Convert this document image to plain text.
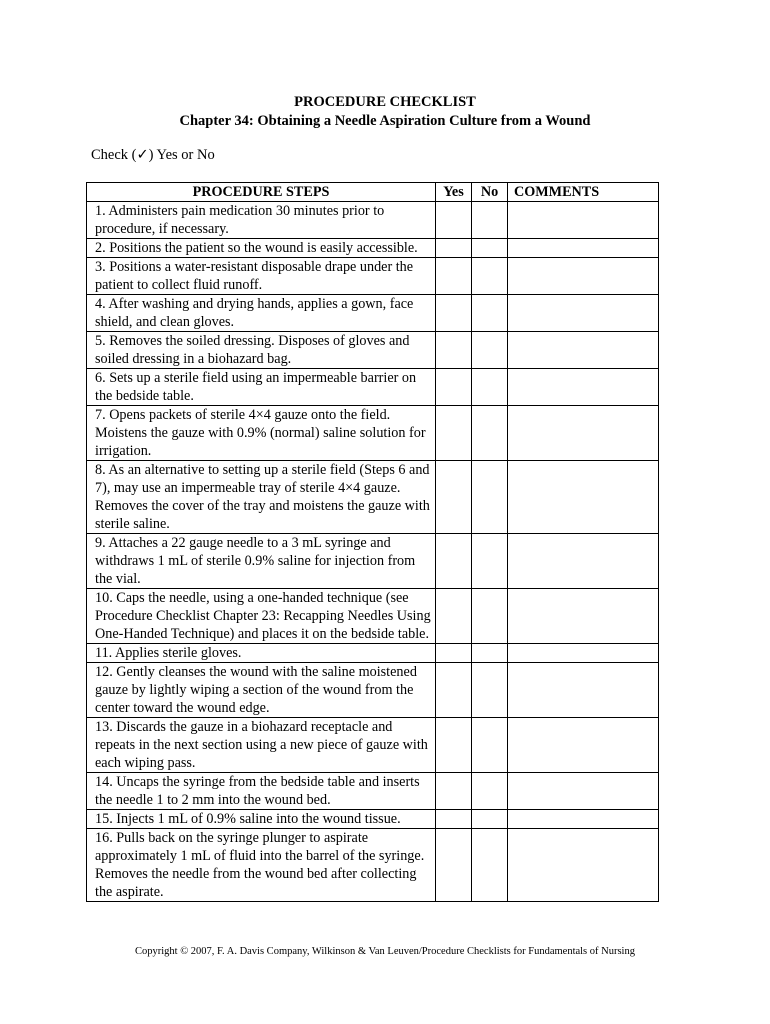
PROCEDURE CHECKLIST
Chapter 34: Obtaining a Needle Aspiration Culture from a Wound
Check (✓) Yes or No
PROCEDURE STEPS	Yes	No	COMMENTS
1. Administers pain medication 30 minutes prior to procedure, if necessary.			
2. Positions the patient so the wound is easily accessible.			
3. Positions a water-resistant disposable drape under the patient to collect fluid runoff.			
4. After washing and drying hands, applies a gown, face shield, and clean gloves.			
5. Removes the soiled dressing. Disposes of gloves and soiled dressing in a biohazard bag.			
6. Sets up a sterile field using an impermeable barrier on the bedside table.			
7. Opens packets of sterile 4×4 gauze onto the field. Moistens the gauze with 0.9% (normal) saline solution for irrigation.			
8. As an alternative to setting up a sterile field (Steps 6 and 7), may use an impermeable tray of sterile 4×4 gauze. Removes the cover of the tray and moistens the gauze with sterile saline.			
9. Attaches a 22 gauge needle to a 3 mL syringe and withdraws 1 mL of sterile 0.9% saline for injection from the vial.			
10. Caps the needle, using a one-handed technique (see Procedure Checklist Chapter 23: Recapping Needles Using One-Handed Technique) and places it on the bedside table.			
11. Applies sterile gloves.			
12. Gently cleanses the wound with the saline moistened gauze by lightly wiping a section of the wound from the center toward the wound edge.			
13. Discards the gauze in a biohazard receptacle and repeats in the next section using a new piece of gauze with each wiping pass.			
14. Uncaps the syringe from the bedside table and inserts the needle 1 to 2 mm into the wound bed.			
15. Injects 1 mL of 0.9% saline into the wound tissue.			
16. Pulls back on the syringe plunger to aspirate approximately 1 mL of fluid into the barrel of the syringe. Removes the needle from the wound bed after collecting the aspirate.			
Copyright © 2007, F. A. Davis Company, Wilkinson & Van Leuven/Procedure Checklists for Fundamentals of Nursing
